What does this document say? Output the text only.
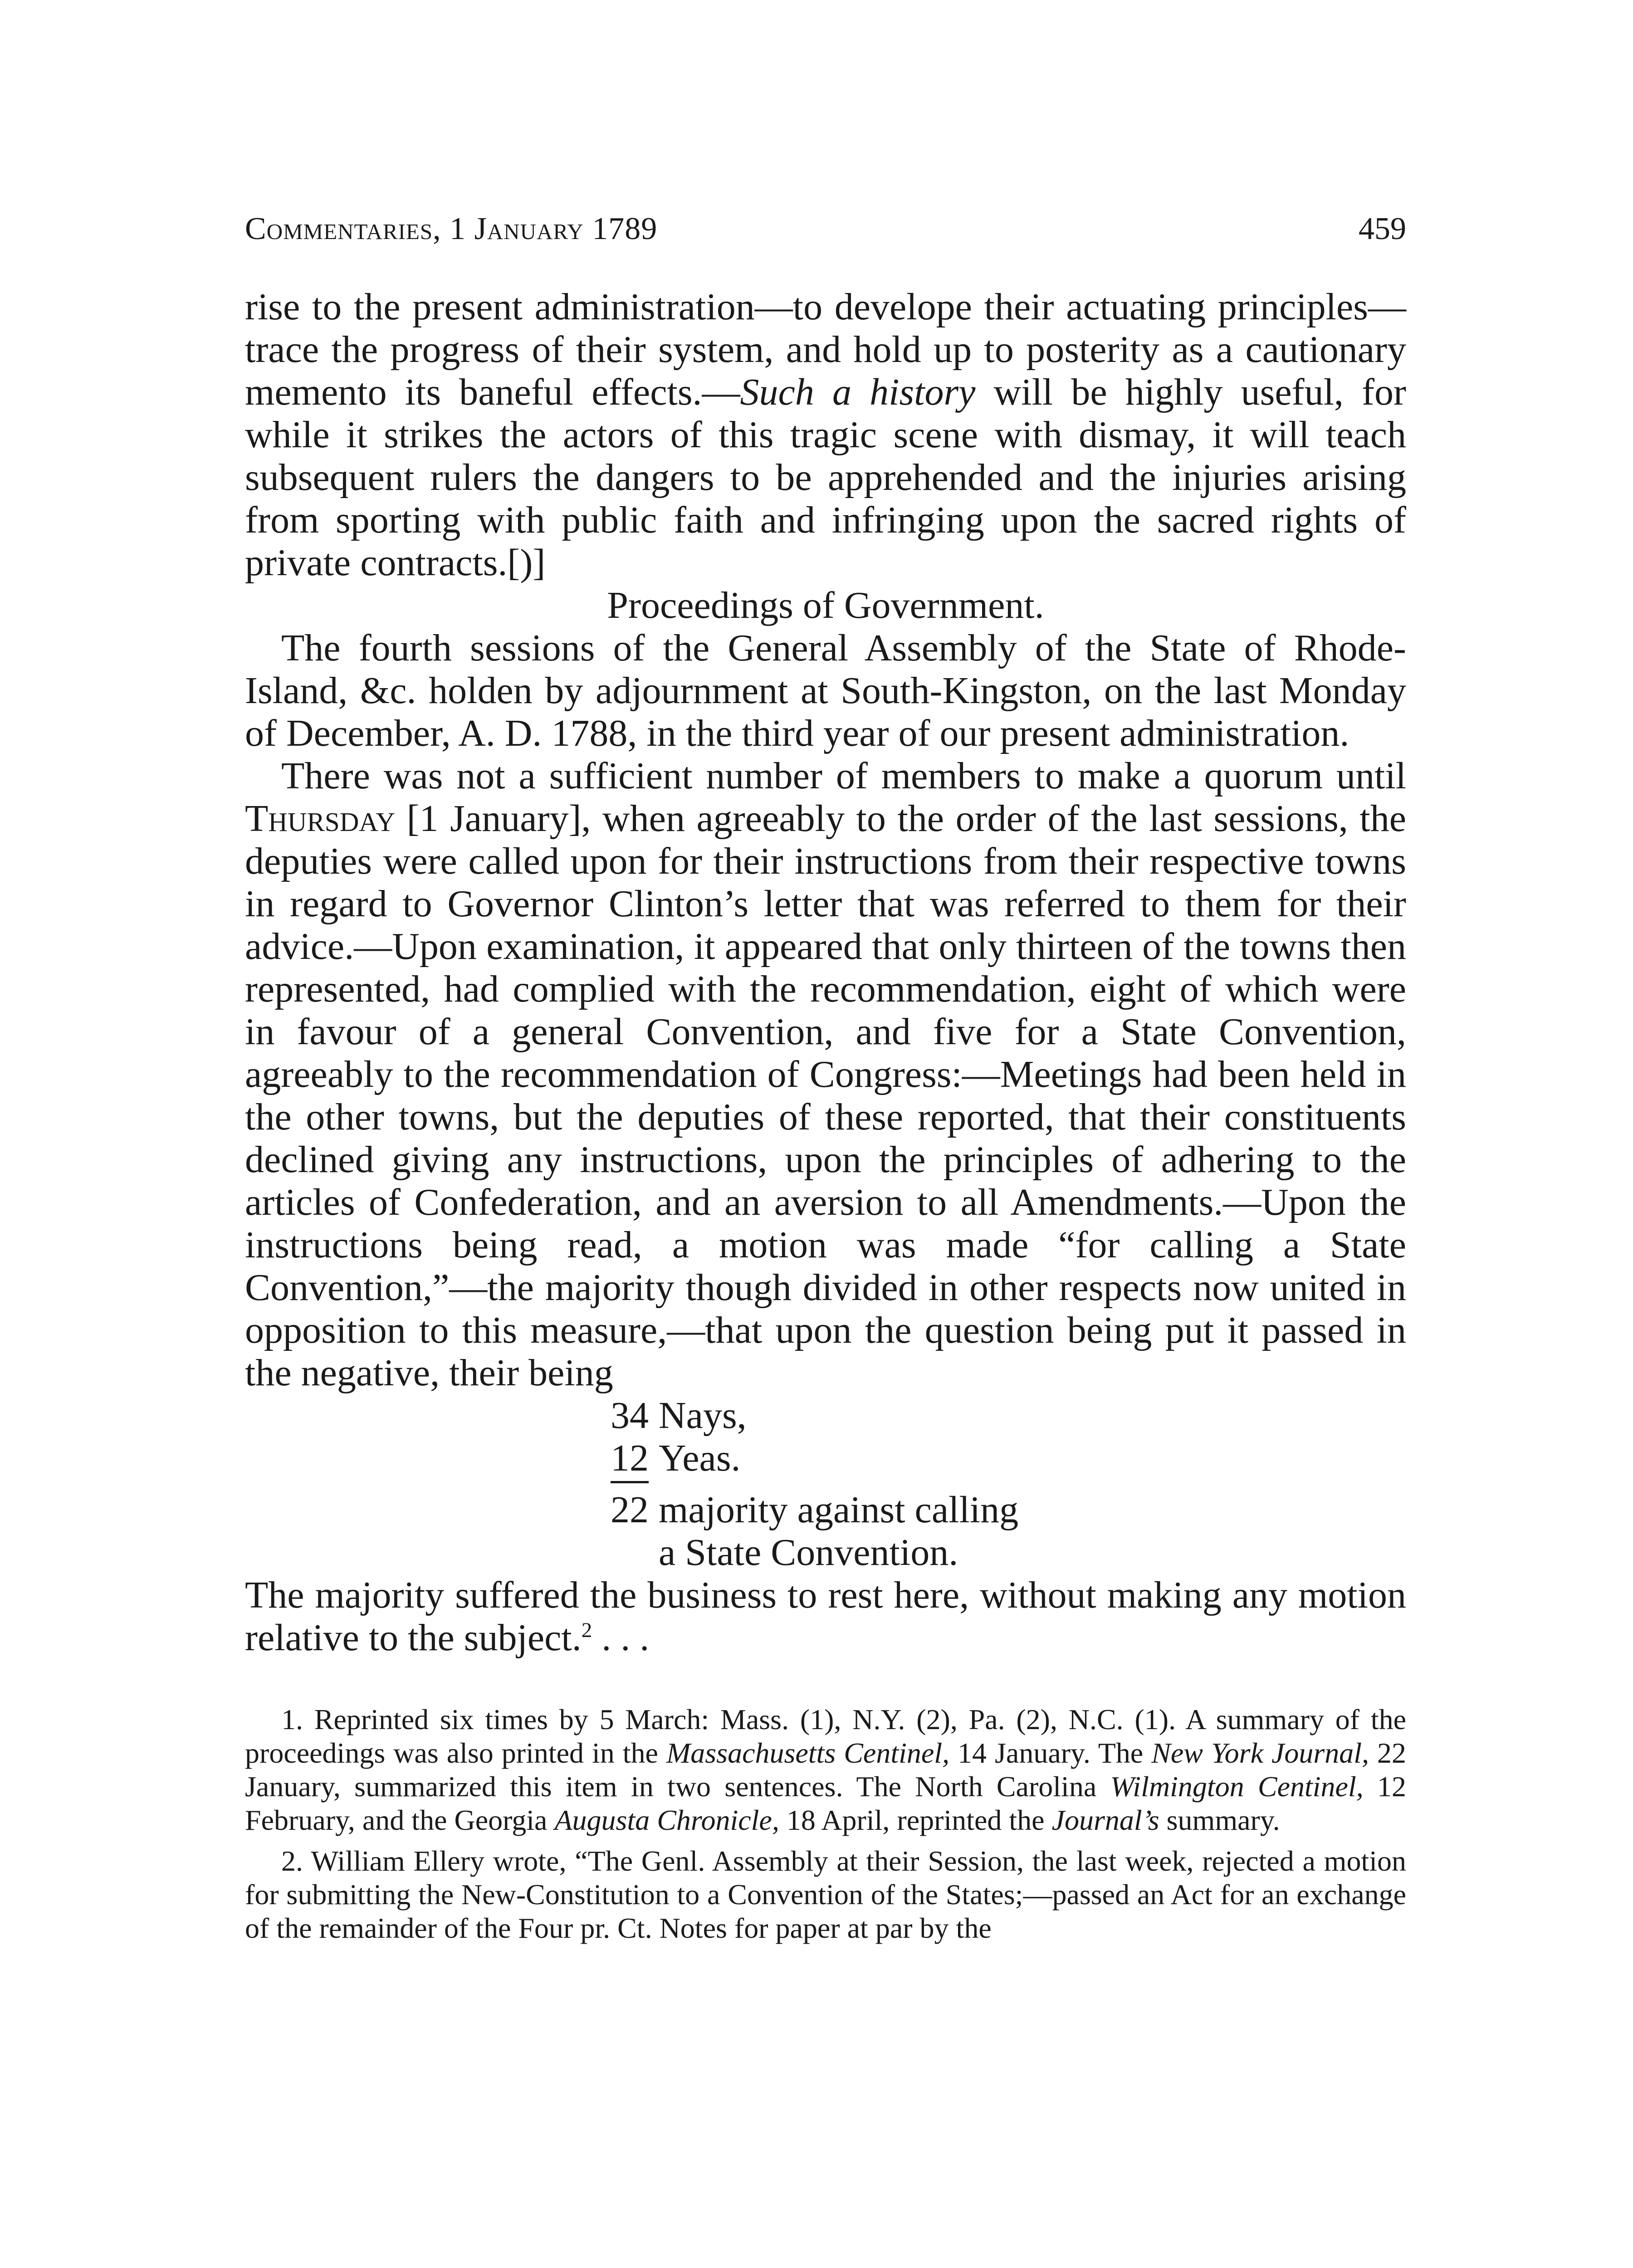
Commentaries, 1 January 1789	459

rise to the present administration—to develope their actuating principles—trace the progress of their system, and hold up to posterity as a cautionary memento its baneful effects.—Such a history will be highly useful, for while it strikes the actors of this tragic scene with dismay, it will teach subsequent rulers the dangers to be apprehended and the injuries arising from sporting with public faith and infringing upon the sacred rights of private contracts.[)]

Proceedings of Government.

The fourth sessions of the General Assembly of the State of Rhode-Island, &c. holden by adjournment at South-Kingston, on the last Monday of December, A. D. 1788, in the third year of our present administration.

There was not a sufficient number of members to make a quorum until Thursday [1 January], when agreeably to the order of the last sessions, the deputies were called upon for their instructions from their respective towns in regard to Governor Clinton’s letter that was referred to them for their advice.—Upon examination, it appeared that only thirteen of the towns then represented, had complied with the recommendation, eight of which were in favour of a general Convention, and five for a State Convention, agreeably to the recommendation of Congress:—Meetings had been held in the other towns, but the deputies of these reported, that their constituents declined giving any instructions, upon the principles of adhering to the articles of Confederation, and an aversion to all Amendments.—Upon the instructions being read, a motion was made “for calling a State Convention,”—the majority though divided in other respects now united in opposition to this measure,—that upon the question being put it passed in the negative, their being

34 Nays,
12 Yeas.
22 majority against calling
a State Convention.

The majority suffered the business to rest here, without making any motion relative to the subject.$^2$ . . .

1. Reprinted six times by 5 March: Mass. (1), N.Y. (2), Pa. (2), N.C. (1). A summary of the proceedings was also printed in the Massachusetts Centinel, 14 January. The New York Journal, 22 January, summarized this item in two sentences. The North Carolina Wilmington Centinel, 12 February, and the Georgia Augusta Chronicle, 18 April, reprinted the Journal’s summary.

2. William Ellery wrote, “The Genl. Assembly at their Session, the last week, rejected a motion for submitting the New-Constitution to a Convention of the States;—passed an Act for an exchange of the remainder of the Four pr. Ct. Notes for paper at par by the
